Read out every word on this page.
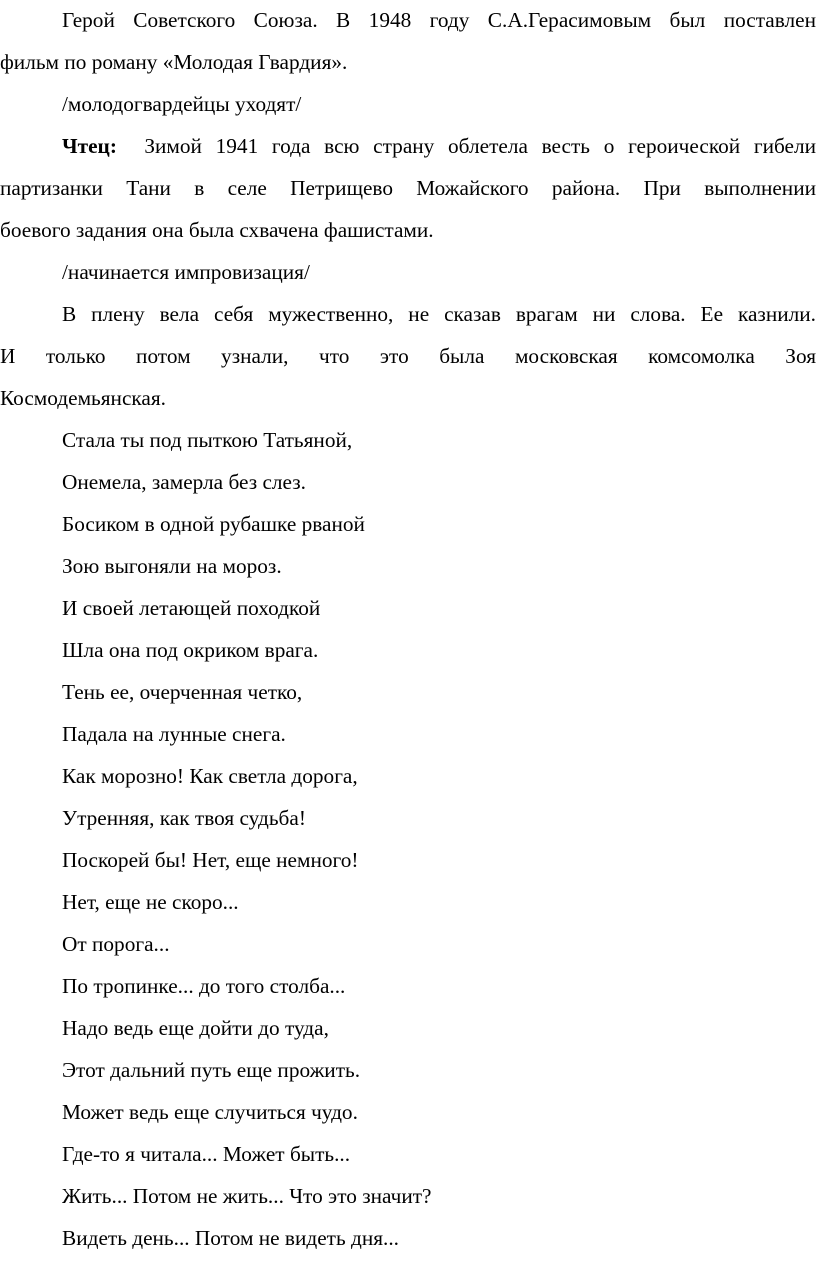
Герой Советского Союза. В 1948 году С.А.Герасимовым был поставлен
фильм по роману «Молодая Гвардия».
/молодогвардейцы уходят/
Чтец: Зимой 1941 года всю страну облетела весть о героической гибели
партизанки Тани в селе Петрищево Можайского района. При выполнении
боевого задания она была схвачена фашистами.
/начинается импровизация/
В плену вела себя мужественно, не сказав врагам ни слова. Ее казнили.
И только потом узнали, что это была московская комсомолка Зоя
Космодемьянская.
Стала ты под пыткою Татьяной,
Онемела, замерла без слез.
Босиком в одной рубашке рваной
Зою выгоняли на мороз.
И своей летающей походкой
Шла она под окриком врага.
Тень ее, очерченная четко,
Падала на лунные снега.
Как морозно! Как светла дорога,
Утренняя, как твоя судьба!
Поскорей бы! Нет, еще немного!
Нет, еще не скоро...
От порога...
По тропинке... до того столба...
Надо ведь еще дойти до туда,
Этот дальний путь еще прожить.
Может ведь еще случиться чудо.
Где-то я читала... Может быть...
Жить... Потом не жить... Что это значит?
Видеть день... Потом не видеть дня...
